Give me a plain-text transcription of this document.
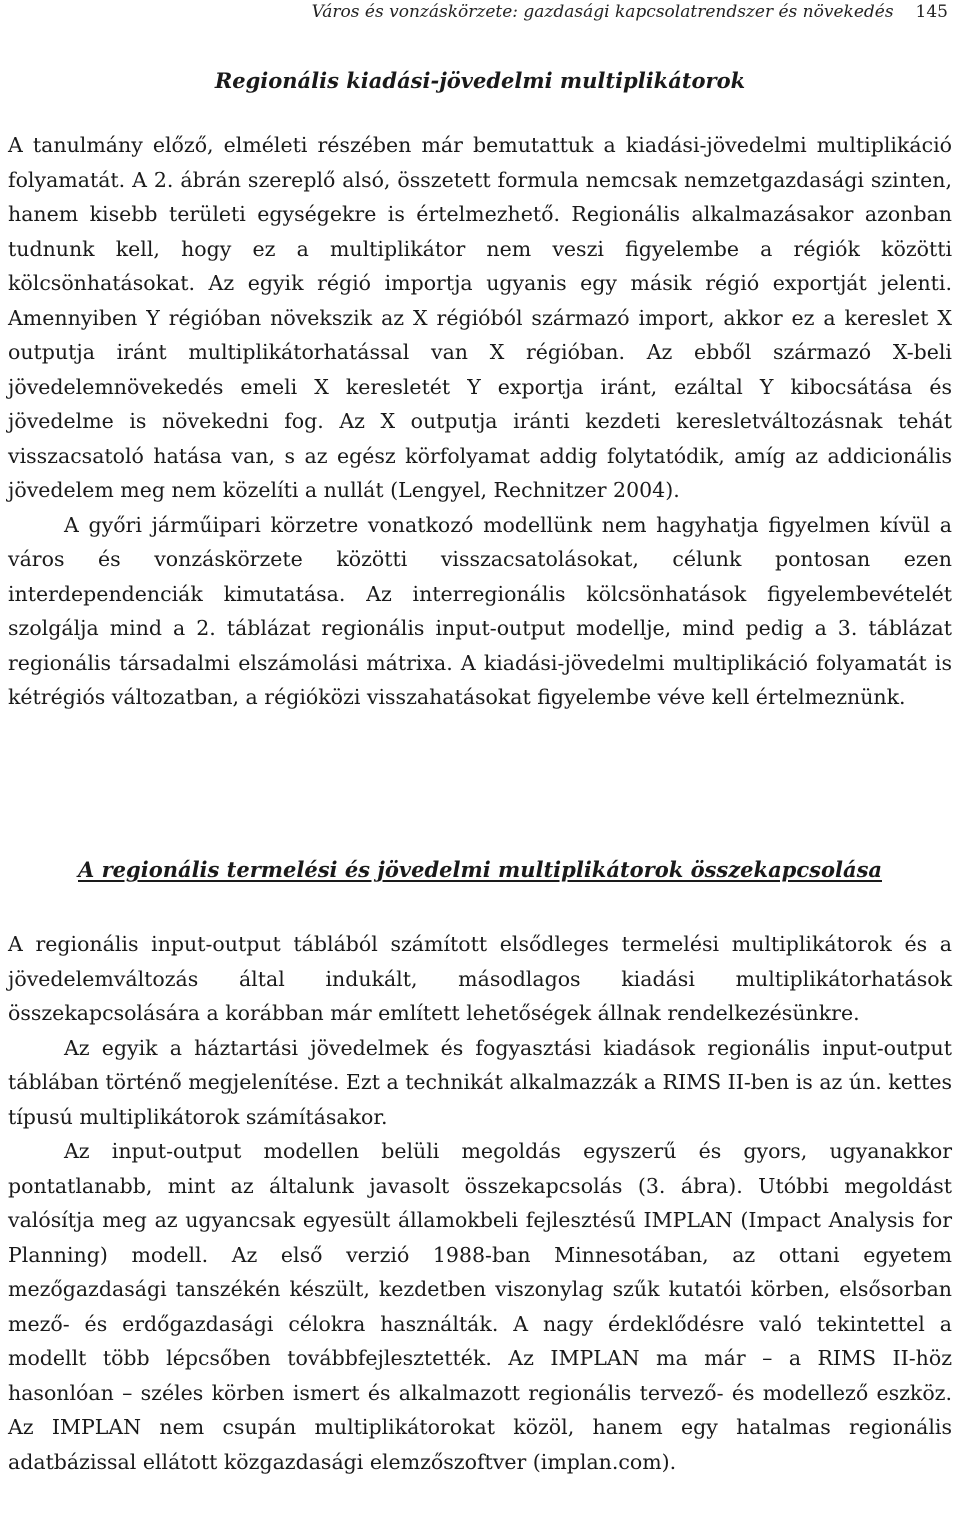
Város és vonzáskörzete: gazdasági kapcsolatrendszer és növekedés 145
Regionális kiadási-jövedelmi multiplikátorok

A tanulmány előző, elméleti részében már bemutattuk a kiadási-jövedelmi multiplikáció folyamatát. A 2. ábrán szereplő alsó, összetett formula nemcsak nemzetgazdasági szinten, hanem kisebb területi egységekre is értelmezhető. Regionális alkalmazásakor azonban tudnunk kell, hogy ez a multiplikátor nem veszi figyelembe a régiók közötti kölcsönhatásokat. Az egyik régió importja ugyanis egy másik régió exportját jelenti. Amennyiben Y régióban növekszik az X régióból származó import, akkor ez a kereslet X outputja iránt multiplikátorhatással van X régióban. Az ebből származó X-beli jövedelemnövekedés emeli X keresletét Y exportja iránt, ezáltal Y kibocsátása és jövedelme is növekedni fog. Az X outputja iránti kezdeti keresletváltozásnak tehát visszacsatoló hatása van, s az egész körfolyamat addig folytatódik, amíg az addicionális jövedelem meg nem közelíti a nullát (Lengyel, Rechnitzer 2004).

A győri járműipari körzetre vonatkozó modellünk nem hagyhatja figyelmen kívül a város és vonzáskörzete közötti visszacsatolásokat, célunk pontosan ezen interdependenciák kimutatása. Az interregionális kölcsönhatások figyelembevételét szolgálja mind a 2. táblázat regionális input-output modellje, mind pedig a 3. táblázat regionális társadalmi elszámolási mátrixa. A kiadási-jövedelmi multiplikáció folyamatát is kétrégiós változatban, a régióközi visszahatásokat figyelembe véve kell értelmeznünk.

A regionális termelési és jövedelmi multiplikátorok összekapcsolása

A regionális input-output táblából számított elsődleges termelési multiplikátorok és a jövedelemváltozás által indukált, másodlagos kiadási multiplikátorhatások összekapcsolására a korábban már említett lehetőségek állnak rendelkezésünkre.

Az egyik a háztartási jövedelmek és fogyasztási kiadások regionális input-output táblában történő megjelenítése. Ezt a technikát alkalmazzák a RIMS II-ben is az ún. kettes típusú multiplikátorok számításakor.

Az input-output modellen belüli megoldás egyszerű és gyors, ugyanakkor pontatlanabb, mint az általunk javasolt összekapcsolás (3. ábra). Utóbbi megoldást valósítja meg az ugyancsak egyesült államokbeli fejlesztésű IMPLAN (Impact Analysis for Planning) modell. Az első verzió 1988-ban Minnesotában, az ottani egyetem mezőgazdasági tanszékén készült, kezdetben viszonylag szűk kutatói körben, elsősorban mező- és erdőgazdasági célokra használták. A nagy érdeklődésre való tekintettel a modellt több lépcsőben továbbfejlesztették. Az IMPLAN ma már – a RIMS II-höz hasonlóan – széles körben ismert és alkalmazott regionális tervező- és modellező eszköz. Az IMPLAN nem csupán multiplikátorokat közöl, hanem egy hatalmas regionális adatbázissal ellátott közgazdasági elemzőszoftver (implan.com).
